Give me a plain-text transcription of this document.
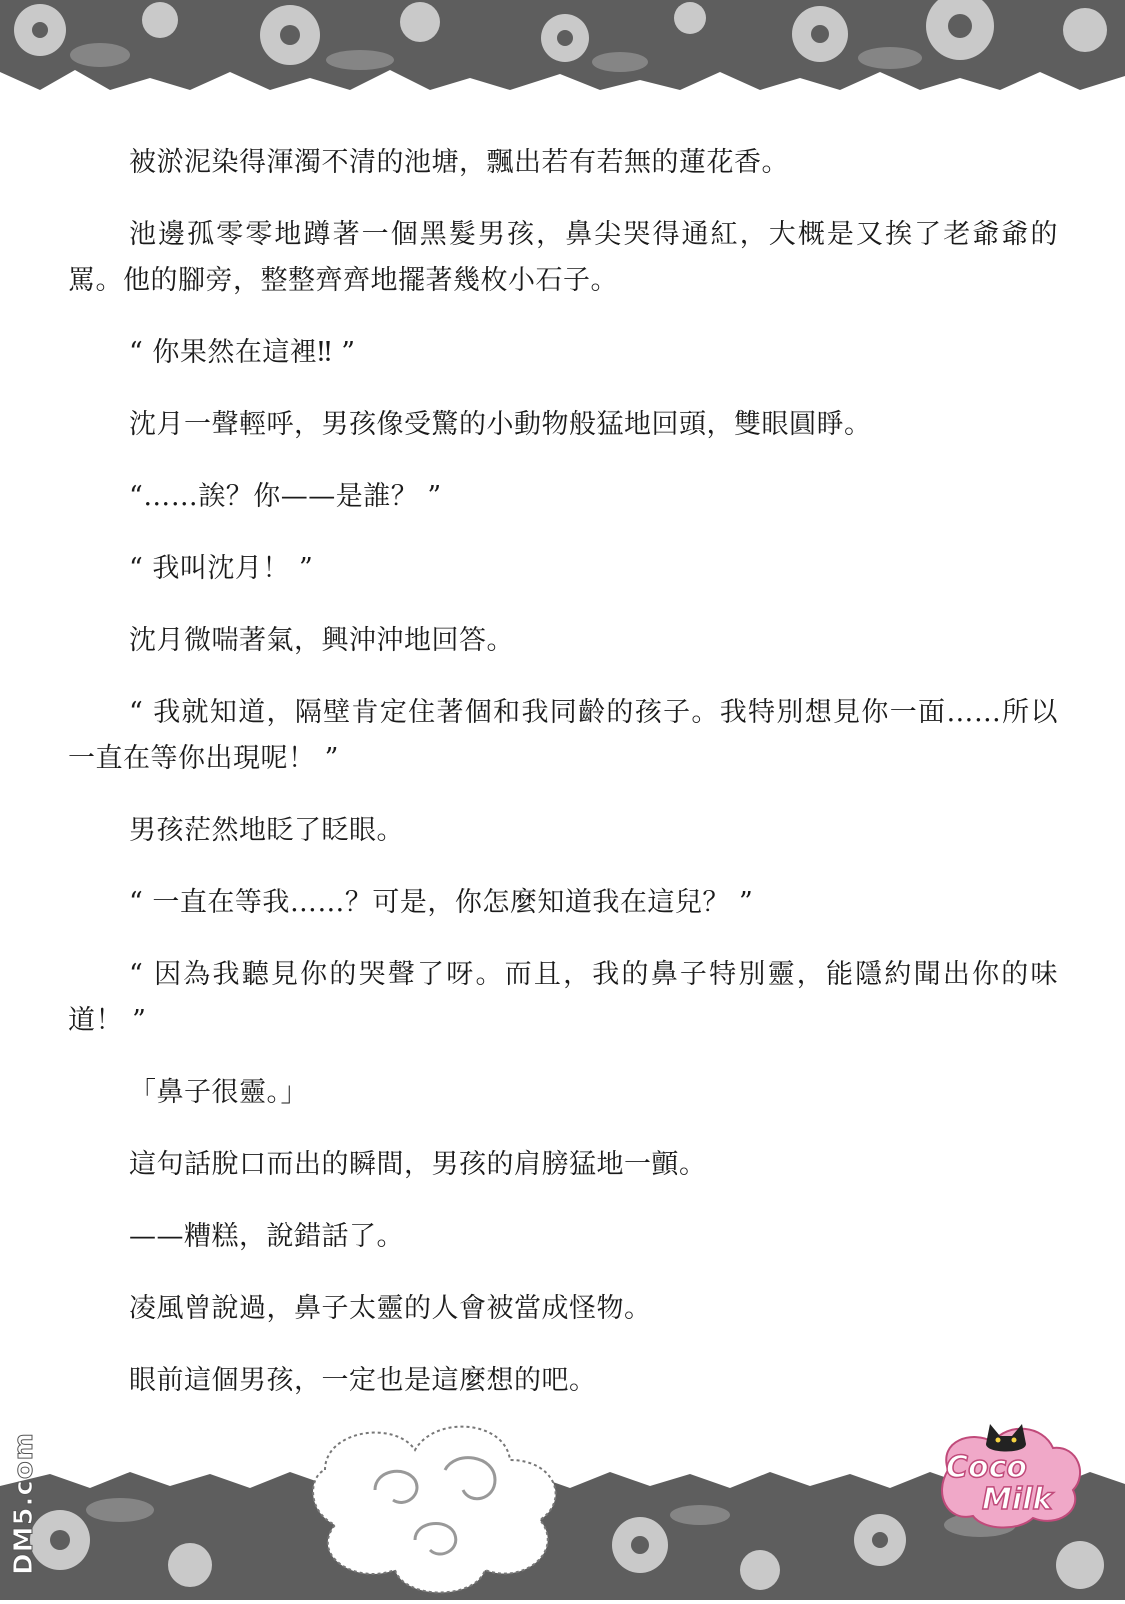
被淤泥染得渾濁不清的池塘，飄出若有若無的蓮花香。

池邊孤零零地蹲著一個黑髮男孩，鼻尖哭得通紅，大概是又挨了老爺爺的罵。他的腳旁，整整齊齊地擺著幾枚小石子。

“ 你果然在這裡‼ ”

沈月一聲輕呼，男孩像受驚的小動物般猛地回頭，雙眼圓睜。

“……誒？你——是誰？ ”

“ 我叫沈月！ ”

沈月微喘著氣，興沖沖地回答。

“ 我就知道，隔壁肯定住著個和我同齡的孩子。我特別想見你一面……所以一直在等你出現呢！ ”

男孩茫然地眨了眨眼。

“ 一直在等我……？可是，你怎麼知道我在這兒？ ”

“ 因為我聽見你的哭聲了呀。而且，我的鼻子特別靈，能隱約聞出你的味道！ ”

「鼻子很靈。」

這句話脫口而出的瞬間，男孩的肩膀猛地一顫。

——糟糕，說錯話了。

凌風曾說過，鼻子太靈的人會被當成怪物。

眼前這個男孩，一定也是這麼想的吧。

DM5.com	Coco
Milk
